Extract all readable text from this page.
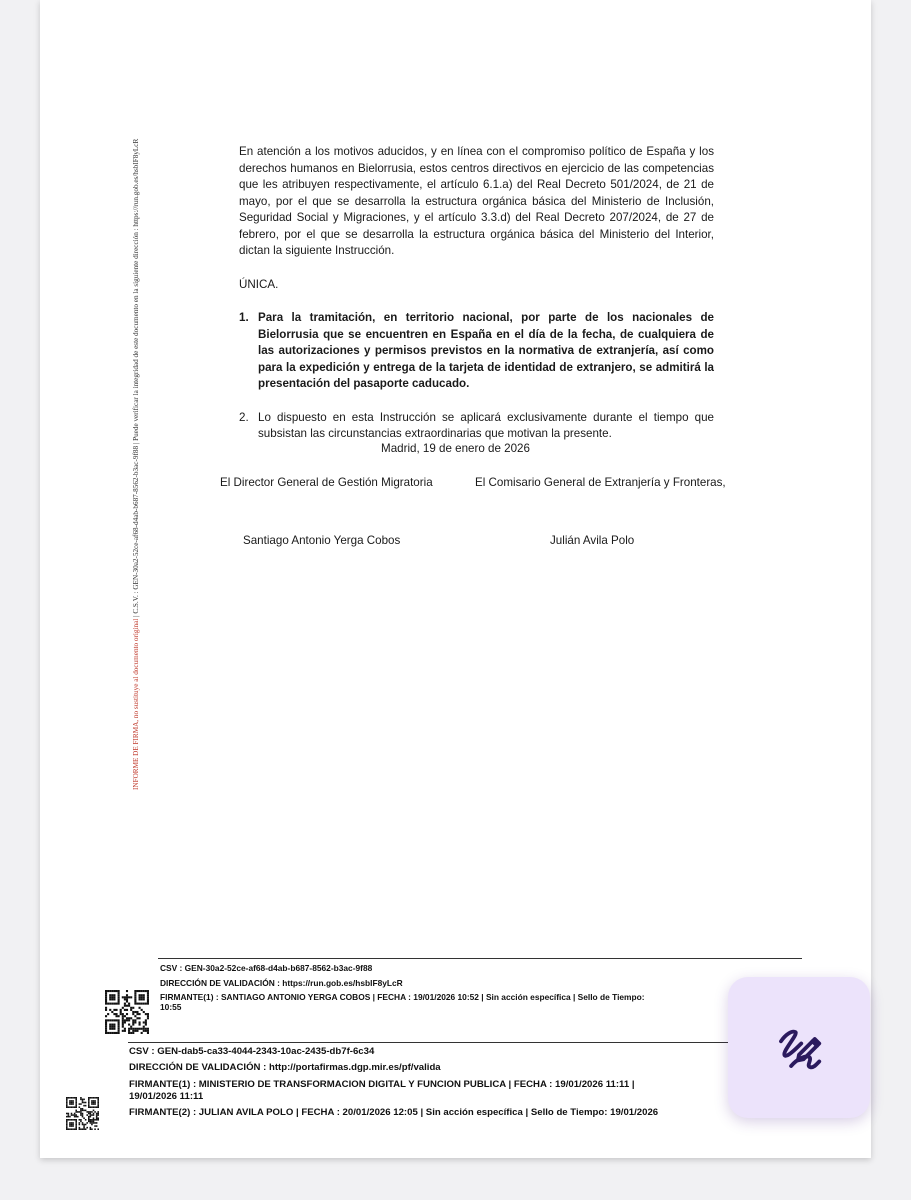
INFORME DE FIRMA, no sustituye al documento original | C.S.V. : GEN-30a2-52ce-af68-d4ab-b687-8562-b3ac-9f88 | Puede verificar la integridad de este documento en la siguiente dirección : https://run.gob.es/hsbIF8yLcR	En atención a los motivos aducidos, y en línea con el compromiso político de España y los derechos humanos en Bielorrusia, estos centros directivos en ejercicio de las competencias que les atribuyen respectivamente, el artículo 6.1.a) del Real Decreto 501/2024, de 21 de mayo, por el que se desarrolla la estructura orgánica básica del Ministerio de Inclusión, Seguridad Social y Migraciones, y el artículo 3.3.d) del Real Decreto 207/2024, de 27 de febrero, por el que se desarrolla la estructura orgánica básica del Ministerio del Interior, dictan la siguiente Instrucción.

ÚNICA.

1. Para la tramitación, en territorio nacional, por parte de los nacionales de Bielorrusia que se encuentren en España en el día de la fecha, de cualquiera de las autorizaciones y permisos previstos en la normativa de extranjería, así como para la expedición y entrega de la tarjeta de identidad de extranjero, se admitirá la presentación del pasaporte caducado.
2. Lo dispuesto en esta Instrucción se aplicará exclusivamente durante el tiempo que subsistan las circunstancias extraordinarias que motivan la presente.
Madrid, 19 de enero de 2026
El Director General de Gestión Migratoria	El Comisario General de Extranjería y Fronteras,
Santiago Antonio Yerga Cobos	Julián Avila Polo
CSV : GEN-30a2-52ce-af68-d4ab-b687-8562-b3ac-9f88
DIRECCIÓN DE VALIDACIÓN : https://run.gob.es/hsbIF8yLcR
FIRMANTE(1) : SANTIAGO ANTONIO YERGA COBOS | FECHA : 19/01/2026 10:52 | Sin acción específica | Sello de Tiempo:
10:55
CSV : GEN-dab5-ca33-4044-2343-10ac-2435-db7f-6c34
DIRECCIÓN DE VALIDACIÓN : http://portafirmas.dgp.mir.es/pf/valida
FIRMANTE(1) : MINISTERIO DE TRANSFORMACION DIGITAL Y FUNCION PUBLICA | FECHA : 19/01/2026 11:11 |
19/01/2026 11:11
FIRMANTE(2) : JULIAN AVILA POLO | FECHA : 20/01/2026 12:05 | Sin acción específica | Sello de Tiempo: 19/01/2026
